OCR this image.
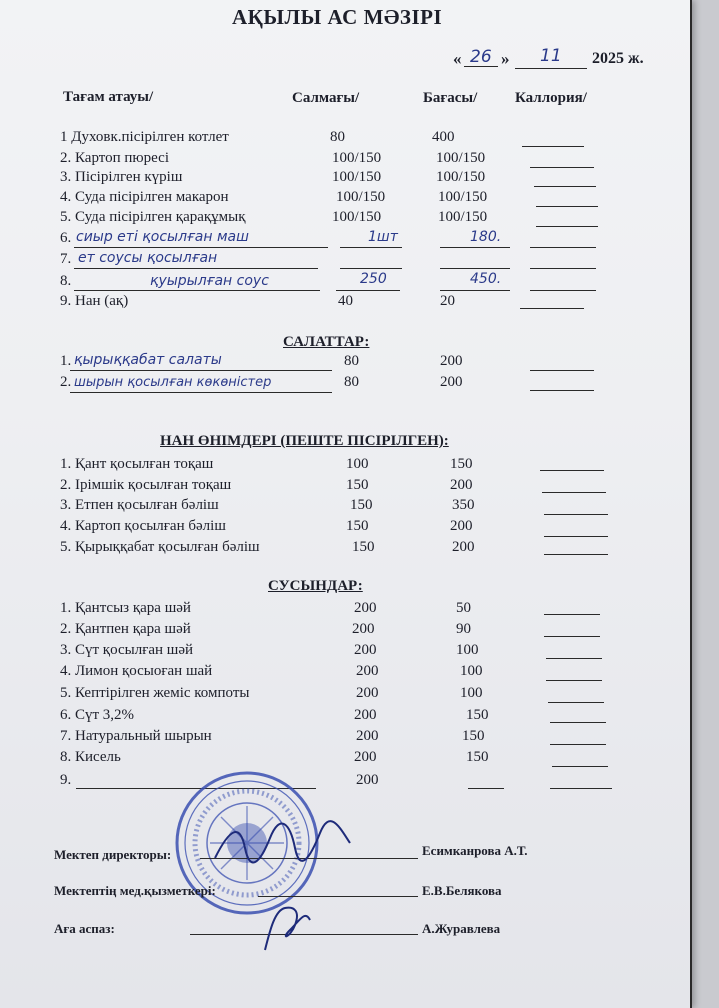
АҚЫЛЫ АС МӘЗІРІ
« 26 » 11 2025 ж.
Тағам атауы/	Салмағы/	Бағасы/	Каллория/
1 Духовк.пісірілген котлет	80	400
2. Картоп пюресі	100/150	100/150
3. Пісірілген күріш	100/150	100/150
4. Суда пісірілген макарон	100/150	100/150
5. Суда пісірілген қарақұмық	100/150	100/150
6. сиыр еті қосылған маш	1шт	180.
7. ет соусы қосылған
8.	қуырылған соус	250	450.
9. Нан (ақ)	40	20
САЛАТТАР:
1. қырыққабат салаты	80	200
2. шырын қосылған көкөністер	80	200
НАН ӨНІМДЕРІ (ПЕШТЕ ПІСІРІЛГЕН):
1. Қант қосылған тоқаш	100	150
2. Ірімшік қосылған тоқаш	150	200
3. Етпен қосылған бәліш	150	350
4. Картоп қосылған бәліш	150	200
5. Қырыққабат қосылған бәліш	150	200
СУСЫНДАР:
1. Қантсыз қара шәй	200	50
2. Қантпен қара шәй	200	90
3. Сүт қосылған шәй	200	100
4. Лимон қосыоған шай	200	100
5. Кептірілген жеміс компоты	200	100
6. Сүт 3,2%	200	150
7. Натуральный шырын	200	150
8. Кисель	200	150
9.	200
Мектеп директоры:	Есимканрова А.Т.
Мектептің мед.қызметкері:	Е.В.Белякова
Аға аспаз:	А.Журавлева
